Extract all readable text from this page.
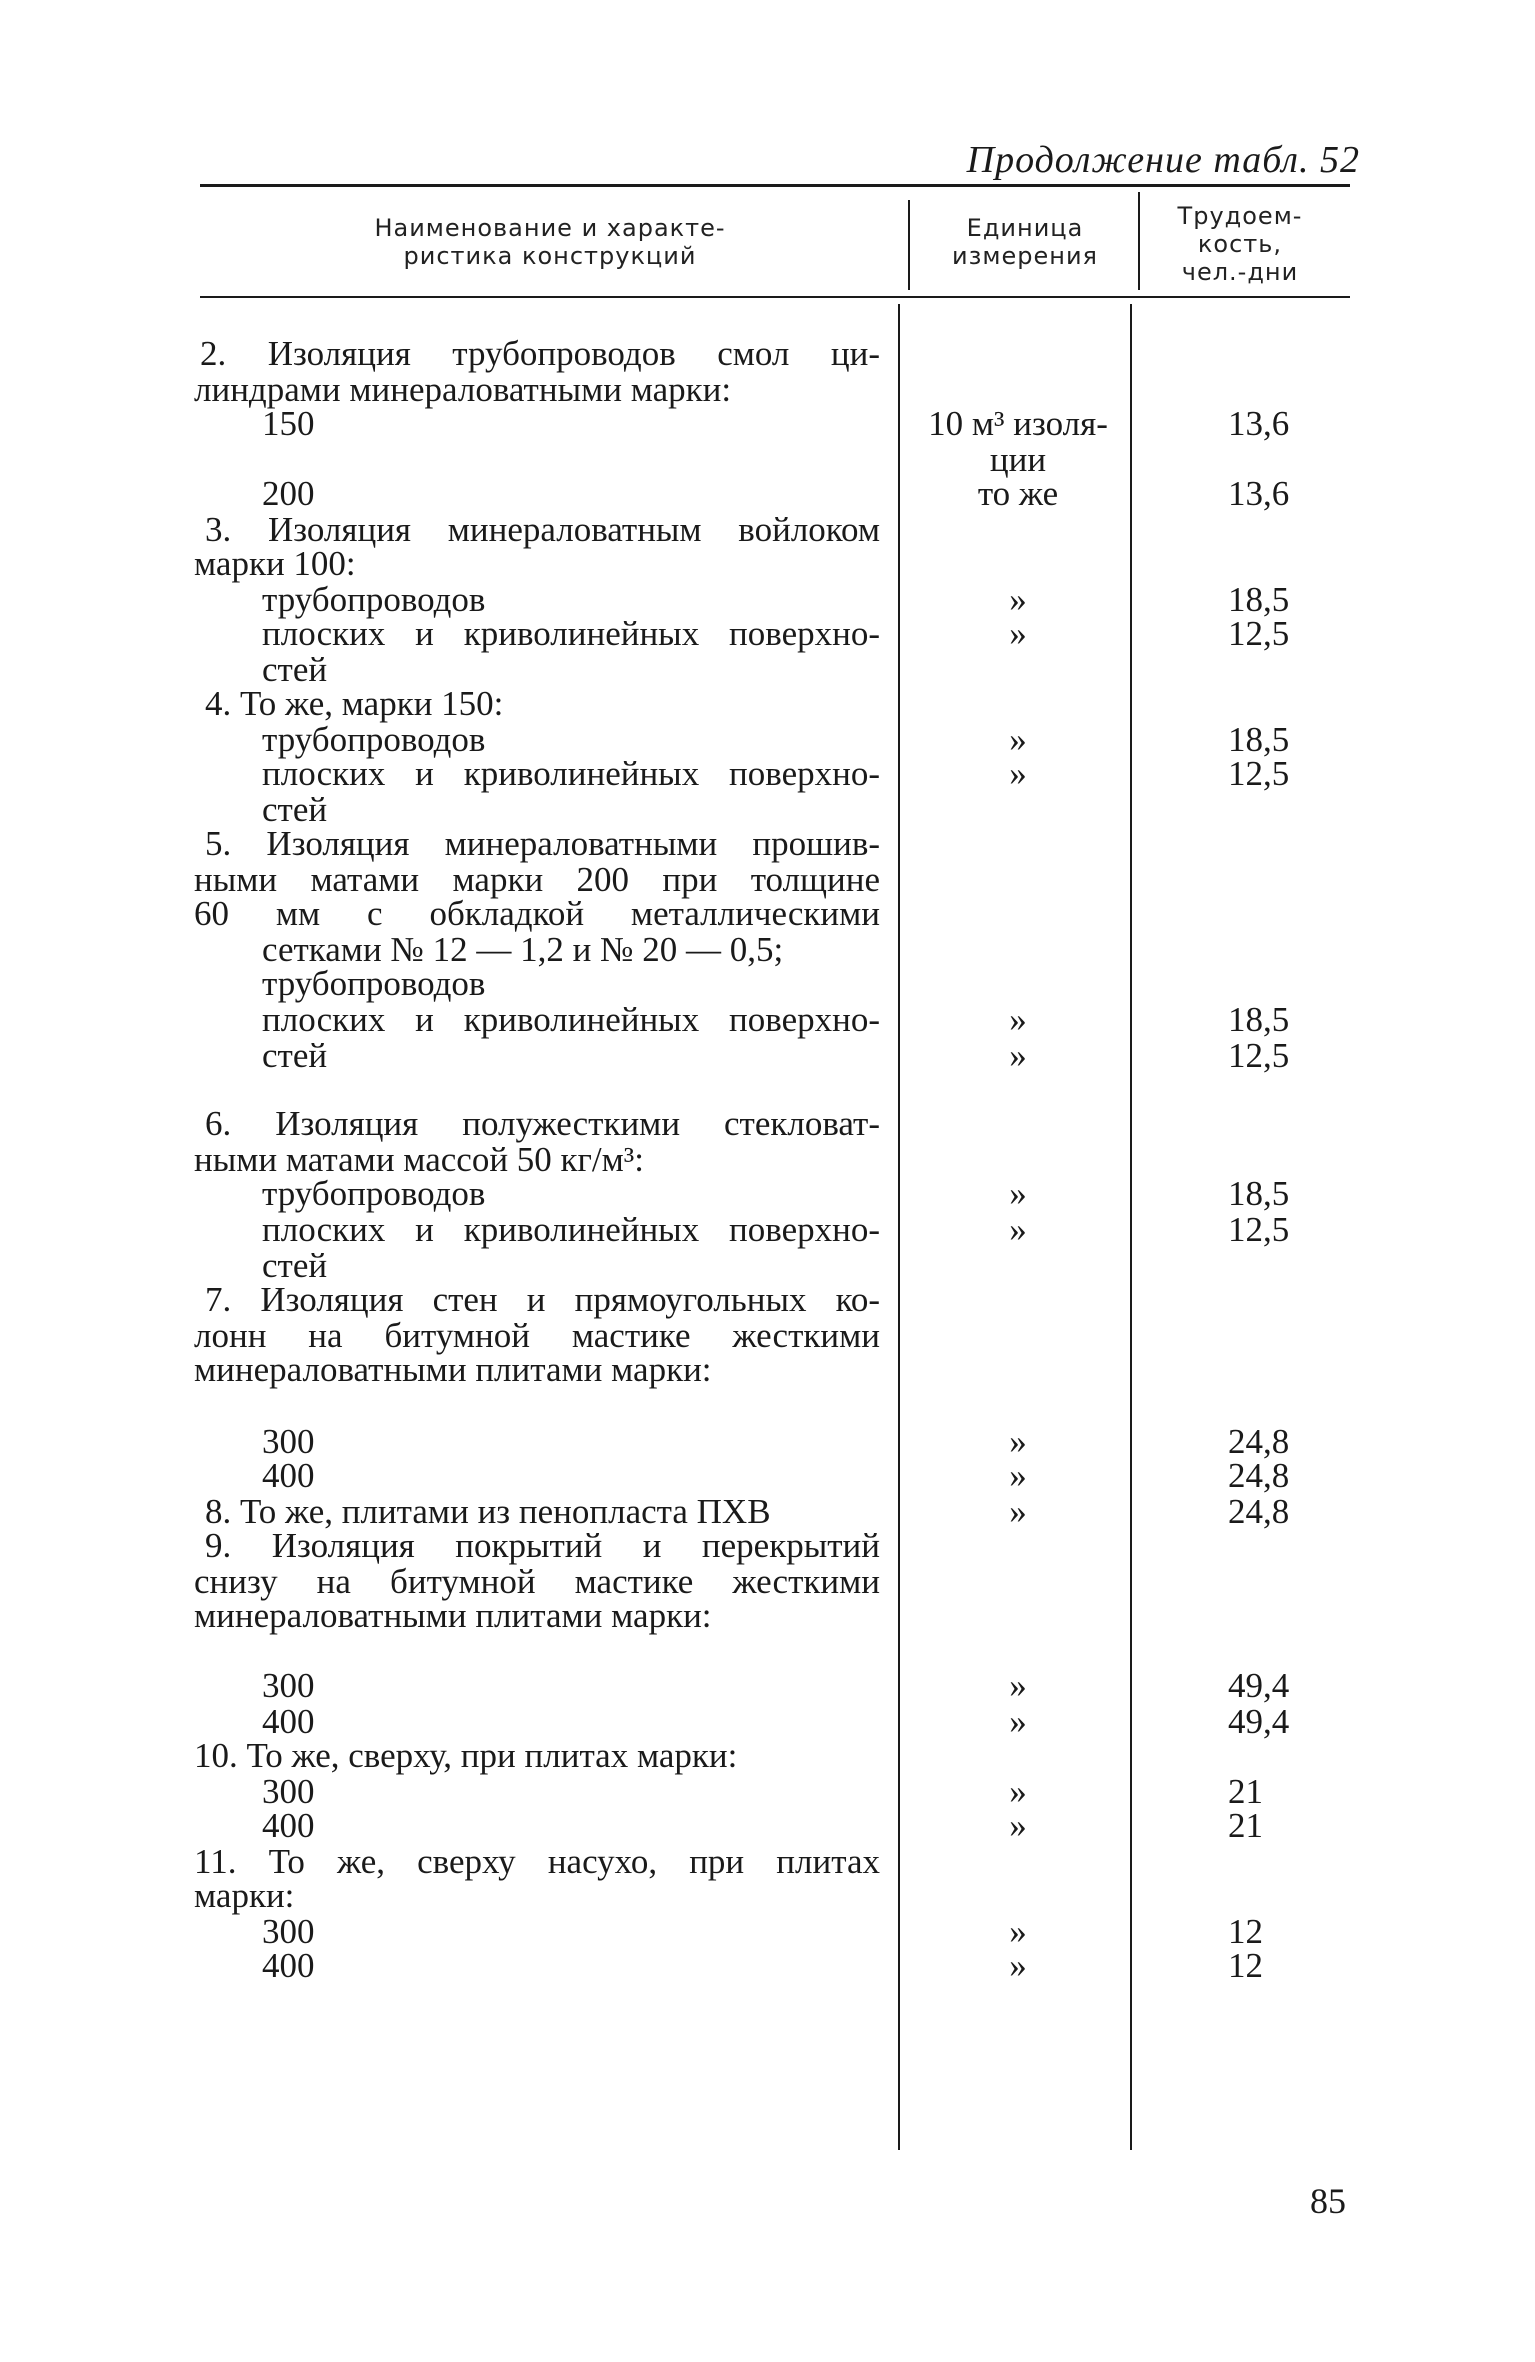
Продолжение табл. 52
Наименование и характе-
ристика конструкций
Единица
измерения
Трудоем-
кость,
чел.-дни
2. Изоляция трубопроводов смол ци-
линдрами минераловатными марки:
150
200
3. Изоляция минераловатным войлоком
марки 100:
трубопроводов
плоских и криволинейных поверхно-
стей
4. То же, марки 150:
трубопроводов
плоских и криволинейных поверхно-
стей
5. Изоляция минераловатными прошив-
ными матами марки 200 при толщине
60 мм с обкладкой металлическими
сетками № 12 — 1,2 и № 20 — 0,5;
трубопроводов
плоских и криволинейных поверхно-
стей
6. Изоляция полужесткими стекловат-
ными матами массой 50 кг/м³:
трубопроводов
плоских и криволинейных поверхно-
стей
7. Изоляция стен и прямоугольных ко-
лонн на битумной мастике жесткими
минераловатными плитами марки:
300
400
8. То же, плитами из пенопласта ПХВ
9. Изоляция покрытий и перекрытий
снизу на битумной мастике жесткими
минераловатными плитами марки:
300
400
10. То же, сверху, при плитах марки:
300
400
11. То же, сверху насухо, при плитах
марки:
300
400
10 м³ изоля-
ции
то же
»
»
»
»
»
»
»
»
»
»
»
»
»
»
»
»
»
13,6
13,6
18,5
12,5
18,5
12,5
18,5
12,5
18,5
12,5
24,8
24,8
24,8
49,4
49,4
21
21
12
12
85
